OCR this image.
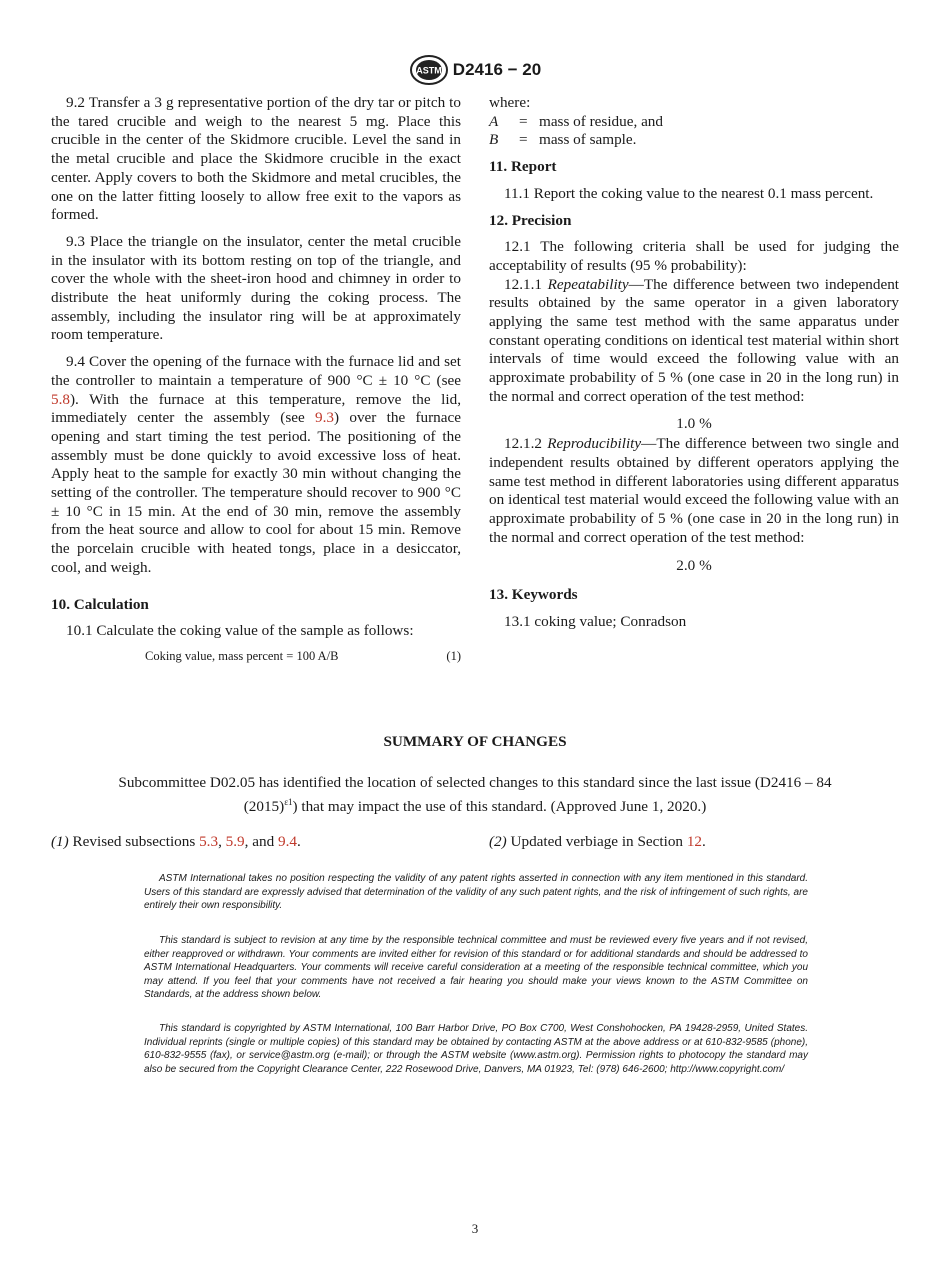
ASTM D2416 − 20

9.2 Transfer a 3 g representative portion of the dry tar or pitch to the tared crucible and weigh to the nearest 5 mg. Place this crucible in the center of the Skidmore crucible. Level the sand in the metal crucible and place the Skidmore crucible in the exact center. Apply covers to both the Skidmore and metal crucibles, the one on the latter fitting loosely to allow free exit to the vapors as formed.

9.3 Place the triangle on the insulator, center the metal crucible in the insulator with its bottom resting on top of the triangle, and cover the whole with the sheet-iron hood and chimney in order to distribute the heat uniformly during the coking process. The assembly, including the insulator ring will be at approximately room temperature.

9.4 Cover the opening of the furnace with the furnace lid and set the controller to maintain a temperature of 900 °C ± 10 °C (see 5.8). With the furnace at this temperature, remove the lid, immediately center the assembly (see 9.3) over the furnace opening and start timing the test period. The positioning of the assembly must be done quickly to avoid excessive loss of heat. Apply heat to the sample for exactly 30 min without changing the setting of the controller. The temperature should recover to 900 °C ± 10 °C in 15 min. At the end of 30 min, remove the assembly from the heat source and allow to cool for about 15 min. Remove the porcelain crucible with heated tongs, place in a desiccator, cool, and weigh.

10. Calculation

10.1 Calculate the coking value of the sample as follows:

Coking value, mass percent = 100 A/B	(1)

where:

A	= mass of residue, and
B	= mass of sample.

11. Report

11.1 Report the coking value to the nearest 0.1 mass percent.

12. Precision

12.1 The following criteria shall be used for judging the acceptability of results (95 % probability):

12.1.1 Repeatability—The difference between two independent results obtained by the same operator in a given laboratory applying the same test method with the same apparatus under constant operating conditions on identical test material within short intervals of time would exceed the following value with an approximate probability of 5 % (one case in 20 in the long run) in the normal and correct operation of the test method:

1.0 %

12.1.2 Reproducibility—The difference between two single and independent results obtained by different operators applying the same test method in different laboratories using different apparatus on identical test material would exceed the following value with an approximate probability of 5 % (one case in 20 in the long run) in the normal and correct operation of the test method:

2.0 %

13. Keywords

13.1 coking value; Conradson

SUMMARY OF CHANGES
Subcommittee D02.05 has identified the location of selected changes to this standard since the last issue (D2416 – 84 $(2015)^{\varepsilon 1}$) that may impact the use of this standard. (Approved June 1, 2020.)
(1) Revised subsections 5.3, 5.9, and 9.4.	(2) Updated verbiage in Section 12.
ASTM International takes no position respecting the validity of any patent rights asserted in connection with any item mentioned in this standard. Users of this standard are expressly advised that determination of the validity of any such patent rights, and the risk of infringement of such rights, are entirely their own responsibility.
This standard is subject to revision at any time by the responsible technical committee and must be reviewed every five years and if not revised, either reapproved or withdrawn. Your comments are invited either for revision of this standard or for additional standards and should be addressed to ASTM International Headquarters. Your comments will receive careful consideration at a meeting of the responsible technical committee, which you may attend. If you feel that your comments have not received a fair hearing you should make your views known to the ASTM Committee on Standards, at the address shown below.
This standard is copyrighted by ASTM International, 100 Barr Harbor Drive, PO Box C700, West Conshohocken, PA 19428-2959, United States. Individual reprints (single or multiple copies) of this standard may be obtained by contacting ASTM at the above address or at 610-832-9585 (phone), 610-832-9555 (fax), or service@astm.org (e-mail); or through the ASTM website (www.astm.org). Permission rights to photocopy the standard may also be secured from the Copyright Clearance Center, 222 Rosewood Drive, Danvers, MA 01923, Tel: (978) 646-2600; http://www.copyright.com/
3
